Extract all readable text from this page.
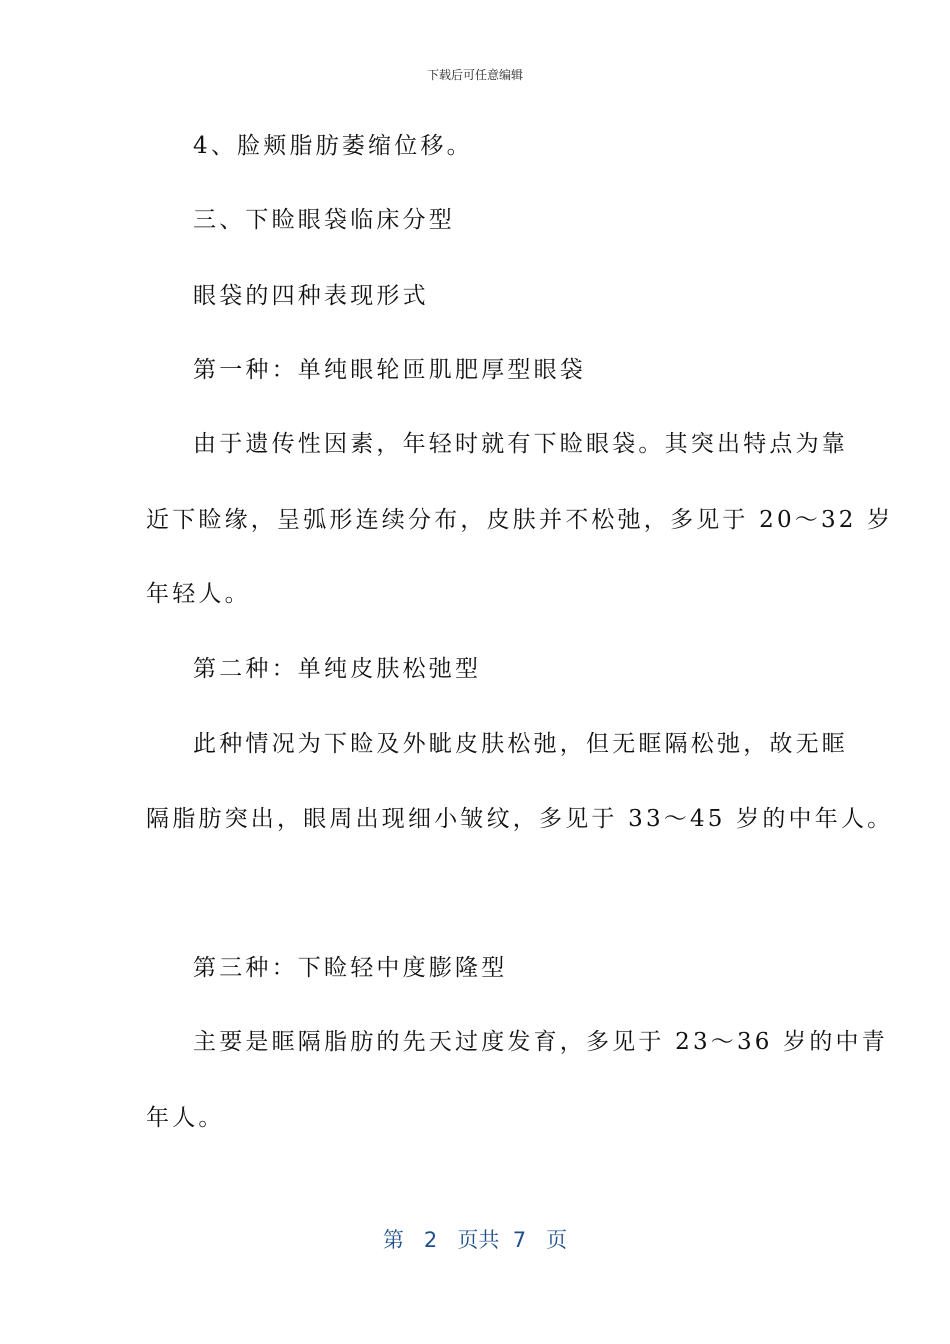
下载后可任意编辑
4、脸颊脂肪萎缩位移。
三、下睑眼袋临床分型
眼袋的四种表现形式
第一种：单纯眼轮匝肌肥厚型眼袋
由于遗传性因素，年轻时就有下睑眼袋。其突出特点为靠
近下睑缘，呈弧形连续分布，皮肤并不松弛，多见于 20～32 岁
年轻人。
第二种：单纯皮肤松弛型
此种情况为下睑及外眦皮肤松弛，但无眶隔松弛，故无眶
隔脂肪突出，眼周出现细小皱纹，多见于 33～45 岁的中年人。
第三种：下睑轻中度膨隆型
主要是眶隔脂肪的先天过度发育，多见于 23～36 岁的中青
年人。
第 2 页共 7 页
